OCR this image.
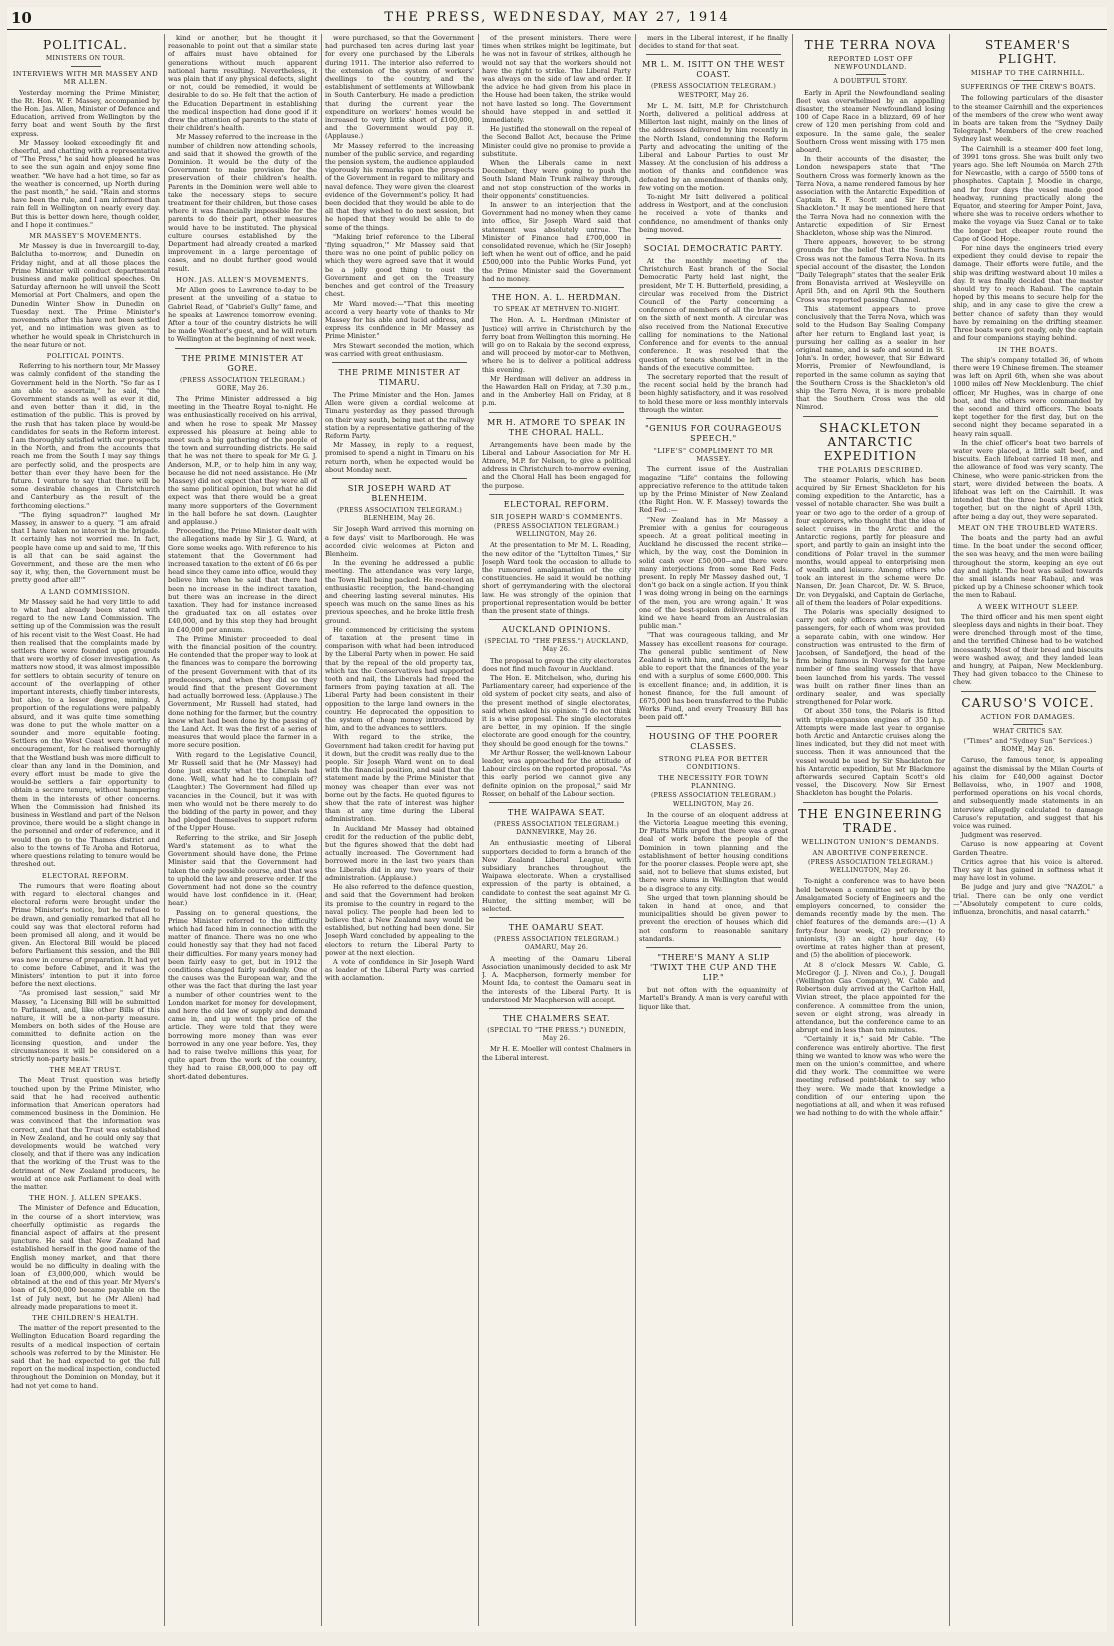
10	THE PRESS, WEDNESDAY, MAY 27, 1914
POLITICAL.
MINISTERS ON TOUR.
INTERVIEWS WITH MR MASSEY AND MR ALLEN.

Yesterday morning the Prime Minister, the Rt. Hon. W. F. Massey, accompanied by the Hon. Jas. Allen, Minister of Defence and Education, arrived from Wellington by the ferry boat and went South by the first express.

Mr Massey looked exceedingly fit and cheerful, and chatting with a representative of "The Press," he said how pleased he was to see the sun again and enjoy some fine weather. "We have had a hot time, so far as the weather is concerned, up North during the past month," he said. "Rain and storms have been the rule, and I am informed than rain fell in Wellington on nearly every day. But this is better down here, though colder, and I hope it continues."

MR MASSEY'S MOVEMENTS.

Mr Massey is due in Invercargill to-day, Balclutha to-morrow, and Dunedin on Friday night, and at all those places the Prime Minister will conduct departmental business and make political speeches. On Saturday afternoon he will unveil the Scott Memorial at Port Chalmers, and open the Dunedin Winter Show in Dunedin on Tuesday next. The Prime Minister's movements after this have not been settled yet, and no intimation was given as to whether he would speak in Christchurch in the near future or not.

POLITICAL POINTS.

Referring to his northern tour, Mr Massey was calmly confident of the standing the Government held in the North. "So far as I am able to ascertain," he said, "the Government stands as well as ever it did, and even better than it did, in the estimation of the public. This is proved by the rush that has taken place by would-be candidates for seats in the Reform interest. I am thoroughly satisfied with our prospects in the North, and from the accounts that reach me from the South I may say things are perfectly solid, and the prospects are better than ever they have been for the future. I venture to say that there will be some desirable changes in Christchurch and Canterbury as the result of the forthcoming elections."

"The flying squadron?" laughed Mr Massey, in answer to a query. "I am afraid that I have taken no interest in the brigade. It certainly has not worried me. In fact, people have come up and said to me, 'If this is all that can be said against the Government, and these are the men who say it, why, then, the Government must be pretty good after all!'"

A LAND COMMISSION.

Mr Massey said he had very little to add to what had already been stated with regard to the new Land Commission. The setting up of the Commission was the result of his recent visit to the West Coast. He had then realised that the complaints made by settlers there were founded upon grounds that were worthy of closer investigation. As matters now stood, it was almost impossible for settlers to obtain security of tenure on account of the overlapping of other important interests, chiefly timber interests, but also, to a lesser degree, mining. A proportion of the regulations were palpably absurd, and it was quite time something was done to put the whole matter on a sounder and more equitable footing. Settlers on the West Coast were worthy of encouragement, for he realised thoroughly that the Westland bush was more difficult to clear than any land in the Dominion, and every effort must be made to give the would-be settlers a fair opportunity to obtain a secure tenure, without hampering them in the interests of other concerns. When the Commission had finished its business in Westland and part of the Nelson province, there would be a slight change in the personnel and order of reference, and it would then go to the Thames district and also to the towns of Te Aroha and Rotorua, where questions relating to tenure would be threshed out.

ELECTORAL REFORM.

The rumours that were floating about with regard to electoral changes and electoral reform were brought under the Prime Minister's notice, but he refused to be drawn, and genially remarked that all he could say was that electoral reform had been promised all along, and it would be given. An Electoral Bill would be placed before Parliament this session, and the Bill was now in course of preparation. It had yet to come before Cabinet, and it was the Ministers' intention to put it into force before the next elections.

"As promised last session," said Mr Massey, "a Licensing Bill will be submitted to Parliament, and, like other Bills of this nature, it will be a non-party measure. Members on both sides of the House are committed to definite action on the licensing question, and under the circumstances it will be considered on a strictly non-party basis."

THE MEAT TRUST.

The Meat Trust question was briefly touched upon by the Prime Minister, who said that he had received authentic information that American operators had commenced business in the Dominion. He was convinced that the information was correct, and that the Trust was established in New Zealand, and he could only say that developments would be watched very closely, and that if there was any indication that the working of the Trust was to the detriment of New Zealand producers, he would at once ask Parliament to deal with the matter.

THE HON. J. ALLEN SPEAKS.

The Minister of Defence and Education, in the course of a short interview, was cheerfully optimistic as regards the financial aspect of affairs at the present juncture. He said that New Zealand had established herself in the good name of the English money market, and that there would be no difficulty in dealing with the loan of £3,000,000, which would be obtained at the end of this year. Mr Myers's loan of £4,500,000 became payable on the 1st of July next, but he (Mr Allen) had already made preparations to meet it.

THE CHILDREN'S HEALTH.

The matter of the report presented to the Wellington Education Board regarding the results of a medical inspection of certain schools was referred to by the Minister. He said that he had expected to get the full report on the medical inspection, conducted throughout the Dominion on Monday, but it had not yet come to hand.

kind or another, but he thought it reasonable to point out that a similar state of affairs must have obtained for generations without much apparent national harm resulting. Nevertheless, it was plain that if any physical defects, slight or not, could be remedied, it would be desirable to do so. He felt that the action of the Education Department in establishing the medical inspection had done good if it drew the attention of parents to the state of their children's health.

Mr Massey referred to the increase in the number of children now attending schools, and said that it showed the growth of the Dominion. It would be the duty of the Government to make provision for the preservation of their children's health. Parents in the Dominion were well able to take the necessary steps to secure treatment for their children, but those cases where it was financially impossible for the parents to do their part, other measures would have to be instituted. The physical culture courses established by the Department had already created a marked improvement in a large percentage of cases, and no doubt further good would result.

HON. JAS. ALLEN'S MOVEMENTS.

Mr Allen goes to Lawrence to-day to be present at the unveiling of a statue to Gabriel Read, of "Gabriel's Gully" fame, and he speaks at Lawrence tomorrow evening. After a tour of the country districts he will be made Weather's guest, and he will return to Wellington at the beginning of next week.

THE PRIME MINISTER AT GORE.
(PRESS ASSOCIATION TELEGRAM.) GORE, May 26.

The Prime Minister addressed a big meeting in the Theatre Royal to-night. He was enthusiastically received on his arrival, and when he rose to speak Mr Massey expressed his pleasure at being able to meet such a big gathering of the people of the town and surrounding districts. He said that he was not there to speak for Mr G. J. Anderson, M.P., or to help him in any way, because he did not need assistance. He (Mr Massey) did not expect that they were all of the same political opinion, but what he did expect was that there would be a great many more supporters of the Government in the hall before he sat down. (Laughter and applause.)

Proceeding, the Prime Minister dealt with the allegations made by Sir J. G. Ward, at Gore some weeks ago. With reference to his statement that the Government had increased taxation to the extent of £6 6s per head since they came into office, would they believe him when he said that there had been no increase in the indirect taxation, but there was an increase in the direct taxation. They had for instance increased the graduated tax on all estates over £40,000, and by this step they had brought in £40,000 per annum.

The Prime Minister proceeded to deal with the financial position of the country. He contended that the proper way to look at the finances was to compare the borrowing of the present Government with that of its predecessors, and when they did so they would find that the present Government had actually borrowed less. (Applause.) The Government, Mr Russell had stated, had done nothing for the farmer, but the country knew what had been done by the passing of the Land Act. It was the first of a series of measures that would place the farmer in a more secure position.

With regard to the Legislative Council, Mr Russell said that he (Mr Massey) had done just exactly what the Liberals had done. Well, what had he to complain of? (Laughter.) The Government had filled up vacancies in the Council, but it was with men who would not be there merely to do the bidding of the party in power, and they had pledged themselves to support reform of the Upper House.

Referring to the strike, and Sir Joseph Ward's statement as to what the Government should have done, the Prime Minister said that the Government had taken the only possible course, and that was to uphold the law and preserve order. If the Government had not done so the country would have lost confidence in it. (Hear, hear.)

Passing on to general questions, the Prime Minister referred to the difficulty which had faced him in connection with the matter of finance. There was no one who could honestly say that they had not faced their difficulties. For many years money had been fairly easy to get, but in 1912 the conditions changed fairly suddenly. One of the causes was the European war, and the other was the fact that during the last year a number of other countries went to the London market for money for development, and here the old law of supply and demand came in, and up went the price of the article. They were told that they were borrowing more money than was ever borrowed in any one year before. Yes, they had to raise twelve millions this year, for quite apart from the work of the country, they had to raise £8,000,000 to pay off short-dated debentures.

were purchased, so that the Government had purchased ten acres during last year for every one purchased by the Liberals during 1911. The interior also referred to the extension of the system of workers' dwellings to the country, and the establishment of settlements at Willowbank in South Canterbury. He made a prediction that during the current year the expenditure on workers' homes would be increased to very little short of £100,000, and the Government would pay it. (Applause.)

Mr Massey referred to the increasing number of the public service, and regarding the pension system, the audience applauded vigorously his remarks upon the prospects of the Government in regard to military and naval defence. They were given the clearest evidence of the Government's policy. It had been decided that they would be able to do all that they wished to do next session, but he hoped that they would be able to do some of the things.

"Making brief reference to the Liberal 'flying squadron,'" Mr Massey said that there was no one point of public policy on which they were agreed save that it would be a jolly good thing to oust the Government and get on the Treasury benches and get control of the Treasury chest.

Mr Ward moved:—"That this meeting accord a very hearty vote of thanks to Mr Massey for his able and lucid address, and express its confidence in Mr Massey as Prime Minister."

Mrs Stewart seconded the motion, which was carried with great enthusiasm.

THE PRIME MINISTER AT TIMARU.

The Prime Minister and the Hon. James Allen were given a cordial welcome at Timaru yesterday as they passed through on their way south, being met at the railway station by a representative gathering of the Reform Party.

Mr Massey, in reply to a request, promised to spend a night in Timaru on his return north, when he expected would be about Monday next.

SIR JOSEPH WARD AT BLENHEIM.
(PRESS ASSOCIATION TELEGRAM.) BLENHEIM, May 26.

Sir Joseph Ward arrived this morning on a few days' visit to Marlborough. He was accorded civic welcomes at Picton and Blenheim.

In the evening he addressed a public meeting. The attendance was very large, the Town Hall being packed. He received an enthusiastic reception, the band-changing and cheering lasting several minutes. His speech was much on the same lines as his previous speeches, and he broke little fresh ground.

He commenced by criticising the system of taxation at the present time in comparison with what had been introduced by the Liberal Party when in power. He said that by the repeal of the old property tax, which tax the Conservatives had supported tooth and nail, the Liberals had freed the farmers from paying taxation at all. The Liberal Party had been consistent in their opposition to the large land owners in the country. He deprecated the opposition to the system of cheap money introduced by him, and to the advances to settlers.

With regard to the strike, the Government had taken credit for having put it down, but the credit was really due to the people. Sir Joseph Ward went on to deal with the financial position, and said that the statement made by the Prime Minister that money was cheaper than ever was not borne out by the facts. He quoted figures to show that the rate of interest was higher than at any time during the Liberal administration.

In Auckland Mr Massey had obtained credit for the reduction of the public debt, but the figures showed that the debt had actually increased. The Government had borrowed more in the last two years than the Liberals did in any two years of their administration. (Applause.)

He also referred to the defence question, and said that the Government had broken its promise to the country in regard to the naval policy. The people had been led to believe that a New Zealand navy would be established, but nothing had been done. Sir Joseph Ward concluded by appealing to the electors to return the Liberal Party to power at the next election.

A vote of confidence in Sir Joseph Ward as leader of the Liberal Party was carried with acclamation.

of the present ministers. There were times when strikes might be legitimate, but he was not in favour of strikes, although he would not say that the workers should not have the right to strike. The Liberal Party was always on the side of law and order. If the advice he had given from his place in the House had been taken, the strike would not have lasted so long. The Government should have stepped in and settled it immediately.

He justified the stonewall on the repeal of the Second Ballot Act, because the Prime Minister could give no promise to provide a substitute.

When the Liberals came in next December, they were going to push the South Island Main Trunk railway through, and not stop construction of the works in their opponents' constituencies.

In answer to an interjection that the Government had no money when they came into office, Sir Joseph Ward said that statement was absolutely untrue. The Minister of Finance had £700,000 in consolidated revenue, which he (Sir Joseph) left when he went out of office, and he paid £500,000 into the Public Works Fund, yet the Prime Minister said the Government had no money.

THE HON. A. L. HERDMAN.
TO SPEAK AT METHVEN TO-NIGHT.

The Hon. A. L. Herdman (Minister of Justice) will arrive in Christchurch by the ferry boat from Wellington this morning. He will go on to Rakaia by the second express, and will proceed by motor-car to Methven, where he is to deliver a political address this evening.

Mr Herdman will deliver an address in the Hawarden Hall on Friday, at 7.30 p.m., and in the Amberley Hall on Friday, at 8 p.m.

MR H. ATMORE TO SPEAK IN THE CHORAL HALL.

Arrangements have been made by the Liberal and Labour Association for Mr H. Atmore, M.P. for Nelson, to give a political address in Christchurch to-morrow evening, and the Choral Hall has been engaged for the purpose.

ELECTORAL REFORM.
SIR JOSEPH WARD'S COMMENTS.
(PRESS ASSOCIATION TELEGRAM.) WELLINGTON, May 26.

At the presentation to Mr M. L. Reading, the new editor of the "Lyttelton Times," Sir Joseph Ward took the occasion to allude to the rumoured amalgamation of the city constituencies. He said it would be nothing short of gerrymandering with the electoral law. He was strongly of the opinion that proportional representation would be better than the present state of things.

AUCKLAND OPINIONS.
(SPECIAL TO "THE PRESS.") AUCKLAND, May 26.

The proposal to group the city electorates does not find much favour in Auckland.

The Hon. E. Mitchelson, who, during his Parliamentary career, had experience of the old system of pocket city seats, and also of the present method of single electorates, said when asked his opinion: "I do not think it is a wise proposal. The single electorates are better, in my opinion. If the single electorate are good enough for the country, they should be good enough for the towns."

Mr Arthur Rosser, the well-known Labour leader, was approached for the attitude of Labour circles on the reported proposal. "As this early period we cannot give any definite opinion on the proposal," said Mr Rosser, on behalf of the Labour section.

THE WAIPAWA SEAT.
(PRESS ASSOCIATION TELEGRAM.) DANNEVIRKE, May 26.

An enthusiastic meeting of Liberal supporters decided to form a branch of the New Zealand Liberal League, with subsidiary branches throughout the Waipawa electorate. When a crystallised expression of the party is obtained, a candidate to contest the seat against Mr G. Hunter, the sitting member, will be selected.

THE OAMARU SEAT.
(PRESS ASSOCIATION TELEGRAM.) OAMARU, May 26.

A meeting of the Oamaru Liberal Association unanimously decided to ask Mr J. A. Macpherson, formerly member for Mount Ida, to contest the Oamaru seat in the interests of the Liberal Party. It is understood Mr Macpherson will accept.

THE CHALMERS SEAT.
(SPECIAL TO "THE PRESS.") DUNEDIN, May 26.

Mr H. E. Moeller will contest Chalmers in the Liberal interest.

mers in the Liberal interest, if he finally decides to stand for that seat.

MR L. M. ISITT ON THE WEST COAST.
(PRESS ASSOCIATION TELEGRAM.) WESTPORT, May 26.

Mr L. M. Isitt, M.P. for Christchurch North, delivered a political address at Millerton last night, mainly on the lines of the addresses delivered by him recently in the North Island, condemning the Reform Party and advocating the uniting of the Liberal and Labour Parties to oust Mr Massey. At the conclusion of his address a motion of thanks and confidence was defeated by an amendment of thanks only, few voting on the motion.

To-night Mr Isitt delivered a political address in Westport, and at the conclusion he received a vote of thanks and confidence, no amendment of thanks only being moved.

SOCIAL DEMOCRATIC PARTY.

At the monthly meeting of the Christchurch East branch of the Social Democratic Party held last night, the president, Mr T. H. Butterfield, presiding, a circular was received from the District Council of the Party concerning a conference of members of all the branches on the sixth of next month. A circular was also received from the National Executive calling for nominations to the National Conference and for events to the annual conference. It was resolved that the question of tenets should be left in the hands of the executive committee.

The secretary reported that the result of the recent social held by the branch had been highly satisfactory, and it was resolved to hold these more or less monthly intervals through the winter.

"GENIUS FOR COURAGEOUS SPEECH."
"LIFE'S" COMPLIMENT TO MR MASSEY.

The current issue of the Australian magazine "Life" contains the following appreciative reference to the attitude taken up by the Prime Minister of New Zealand (the Right Hon. W. F. Massey) towards the Red Fed.:—

"New Zealand has in Mr Massey a Premier with a genius for courageous speech. At a great political meeting in Auckland he discussed the recent strike—which, by the way, cost the Dominion in solid cash over £50,000—and there were many interjections from some Red Feds. present. In reply Mr Massey dashed out, 'I don't go back on a single action. If you think I was doing wrong in being on the earnings of the men, you are wrong again.' It was one of the best-spoken deliverances of its kind we have heard from an Australasian public man."

"That was courageous talking, and Mr Massey has excellent reasons for courage. The general public sentiment of New Zealand is with him, and, incidentally, he is able to report that the finances of the year end with a surplus of some £600,000. This is excellent finance; and, in addition, it is honest finance, for the full amount of £675,000 has been transferred to the Public Works Fund, and every Treasury Bill has been paid off."

HOUSING OF THE POORER CLASSES.
STRONG PLEA FOR BETTER CONDITIONS.
THE NECESSITY FOR TOWN PLANNING.
(PRESS ASSOCIATION TELEGRAM.) WELLINGTON, May 26.

In the course of an eloquent address at the Victoria League meeting this evening, Dr Platts Mills urged that there was a great deal of work before the people of the Dominion in town planning and the establishment of better housing conditions for the poorer classes. People were apt, she said, not to believe that slums existed, but there were slums in Wellington that would be a disgrace to any city.

She urged that town planning should be taken in hand at once, and that municipalities should be given power to prevent the erection of houses which did not conform to reasonable sanitary standards.

"THERE'S MANY A SLIP 'TWIXT THE CUP AND THE LIP."

but not often with the equanimity of Martell's Brandy. A man is very careful with liquor like that.

THE TERRA NOVA
REPORTED LOST OFF NEWFOUNDLAND.
A DOUBTFUL STORY.

Early in April the Newfoundland sealing fleet was overwhelmed by an appalling disaster, the steamer Newfoundland losing 100 of Cape Race in a blizzard, 69 of her crew of 120 men perishing from cold and exposure. In the same gale, the sealer Southern Cross went missing with 175 men aboard.

In their accounts of the disaster, the London newspapers state that "The Southern Cross was formerly known as the Terra Nova, a name rendered famous by her association with the Antarctic Expedition of Captain R. F. Scott and Sir Ernest Shackleton." It may be mentioned here that the Terra Nova had no connexion with the Antarctic expedition of Sir Ernest Shackleton, whose ship was the Nimrod.

There appears, however, to be strong grounds for the belief that the Southern Cross was not the famous Terra Nova. In its special account of the disaster, the London "Daily Telegraph" states that the sealer Erik from Bonavista arrived at Wesleyville on April 5th, and on April 9th the Southern Cross was reported passing Channel.

This statement appears to prove conclusively that the Terra Nova, which was sold to the Hudson Bay Sealing Company after her return to England last year, is pursuing her calling as a sealer in her original name, and is safe and sound in St. John's. In order, however, that Sir Edward Morris, Premier of Newfoundland, is reported in the same column as saying that the Southern Cross is the Shackleton's old ship the Terra Nova, it is more probable that the Southern Cross was the old Nimrod.

SHACKLETON ANTARCTIC EXPEDITION
THE POLARIS DESCRIBED.

The steamer Polaris, which has been acquired by Sir Ernest Shackleton for his coming expedition to the Antarctic, has a vessel of notable character. She was built a year or two ago to the order of a group of four explorers, who thought that the idea of select cruises in the Arctic and the Antarctic regions, partly for pleasure and sport, and partly to gain an insight into the conditions of Polar travel in the summer months, would appeal to enterprising men of wealth and leisure. Among others who took an interest in the scheme were Dr. Nansen, Dr. Jean Charcot, Dr. W. S. Bruce, Dr. von Drygalski, and Captain de Gerlache, all of them the leaders of Polar expeditions.

The Polaris was specially designed to carry not only officers and crew, but ten passengers, for each of whom was provided a separate cabin, with one window. Her construction was entrusted to the firm of Jacobsen, of Sandefjord, the head of the firm being famous in Norway for the large number of fine sealing vessels that have been launched from his yards. The vessel was built on rather finer lines than an ordinary sealer, and was specially strengthened for Polar work.

Of about 350 tons, the Polaris is fitted with triple-expansion engines of 350 h.p. Attempts were made last year to organise both Arctic and Antarctic cruises along the lines indicated, but they did not meet with success. Then it was announced that the vessel would be used by Sir Shackleton for his Antarctic expedition, but Mr Blackmore afterwards secured Captain Scott's old vessel, the Discovery. Now Sir Ernest Shackleton has bought the Polaris.

THE ENGINEERING TRADE.
WELLINGTON UNION'S DEMANDS.
AN ABORTIVE CONFERENCE.
(PRESS ASSOCIATION TELEGRAM.) WELLINGTON, May 26.

To-night a conference was to have been held between a committee set up by the Amalgamated Society of Engineers and the employers concerned, to consider the demands recently made by the men. The chief features of the demands are:—(1) A forty-four hour week, (2) preference to unionists, (3) an eight hour day, (4) overtime at rates higher than at present, and (5) the abolition of piecework.

At 8 o'clock Messrs W. Cable, G. McGregor (J. J. Niven and Co.), J. Dougall (Wellington Gas Company), W. Cable and Robertson duly arrived at the Carlton Hall, Vivian street, the place appointed for the conference. A committee from the union, seven or eight strong, was already in attendance, but the conference came to an abrupt end in less than ten minutes.

"Certainly it is," said Mr Cable. "The conference was entirely abortive. The first thing we wanted to know was who were the men on the union's committee, and where did they work. The committee we were meeting refused point-blank to say who they were. We made that knowledge a condition of our entering upon the negotiations at all, and when it was refused we had nothing to do with the whole affair."

STEAMER'S PLIGHT.
MISHAP TO THE CAIRNHILL.
SUFFERINGS OF THE CREW'S BOATS.

The following particulars of the disaster to the steamer Cairnhill and the experiences of the members of the crew who went away in boats are taken from the "Sydney Daily Telegraph." Members of the crew reached Sydney last week.

The Cairnhill is a steamer 400 feet long, of 3991 tons gross. She was built only two years ago. She left Nouméa on March 27th for Newcastle, with a cargo of 5500 tons of phosphates. Captain J. Moodie in charge, and for four days the vessel made good headway, running practically along the Equator, and steering for Amper Point, Java, where she was to receive orders whether to make the voyage via Suez Canal or to take the longer but cheaper route round the Cape of Good Hope.

For nine days the engineers tried every expedient they could devise to repair the damage. Their efforts were futile, and the ship was drifting westward about 10 miles a day. It was finally decided that the master should try to reach Rabaul. The captain hoped by this means to secure help for the ship, and in any case to give the crew a better chance of safety than they would have by remaining on the drifting steamer. Three boats were got ready, only the captain and four companions staying behind.

IN THE BOATS.

The ship's company totalled 36, of whom there were 19 Chinese firemen. The steamer was left on April 6th, when she was about 1000 miles off New Mecklenburg. The chief officer, Mr Hughes, was in charge of one boat, and the others were commanded by the second and third officers. The boats kept together for the first day, but on the second night they became separated in a heavy rain squall.

In the chief officer's boat two barrels of water were placed, a little salt beef, and biscuits. Each lifeboat carried 18 men, and the allowance of food was very scanty. The Chinese, who were panic-stricken from the start, were divided between the boats. A lifeboat was left on the Cairnhill. It was intended that the three boats should stick together, but on the night of April 13th, after being a day out, they were separated.

MEAT ON THE TROUBLED WATERS.

The boats and the party had an awful time. In the boat under the second officer, the sea was heavy, and the men were bailing throughout the storm, keeping an eye out day and night. The boat was sailed towards the small islands near Rabaul, and was picked up by a Chinese schooner which took the men to Rabaul.

A WEEK WITHOUT SLEEP.

The third officer and his men spent eight sleepless days and nights in their boat. They were drenched through most of the time, and the terrified Chinese had to be watched incessantly. Most of their bread and biscuits were washed away, and they landed lean and hungry, at Paipan, New Mecklenburg. They had given tobacco to the Chinese to chew.

CARUSO'S VOICE.
ACTION FOR DAMAGES.
WHAT CRITICS SAY.
("Times" and "Sydney Sun" Services.) ROME, May 26.

Caruso, the famous tenor, is appealing against the dismissal by the Milan Courts of his claim for £40,000 against Doctor Bellavoiss, who, in 1907 and 1908, performed operations on his vocal chords, and subsequently made statements in an interview allegedly calculated to damage Caruso's reputation, and suggest that his voice was ruined.

Judgment was reserved.

Caruso is now appearing at Covent Garden Theatre.

Critics agree that his voice is altered. They say it has gained in softness what it may have lost in volume.

Be judge and jury and give "NAZOL" a trial. There can be only one verdict—"Absolutely competent to cure colds, influenza, bronchitis, and nasal catarrh."
